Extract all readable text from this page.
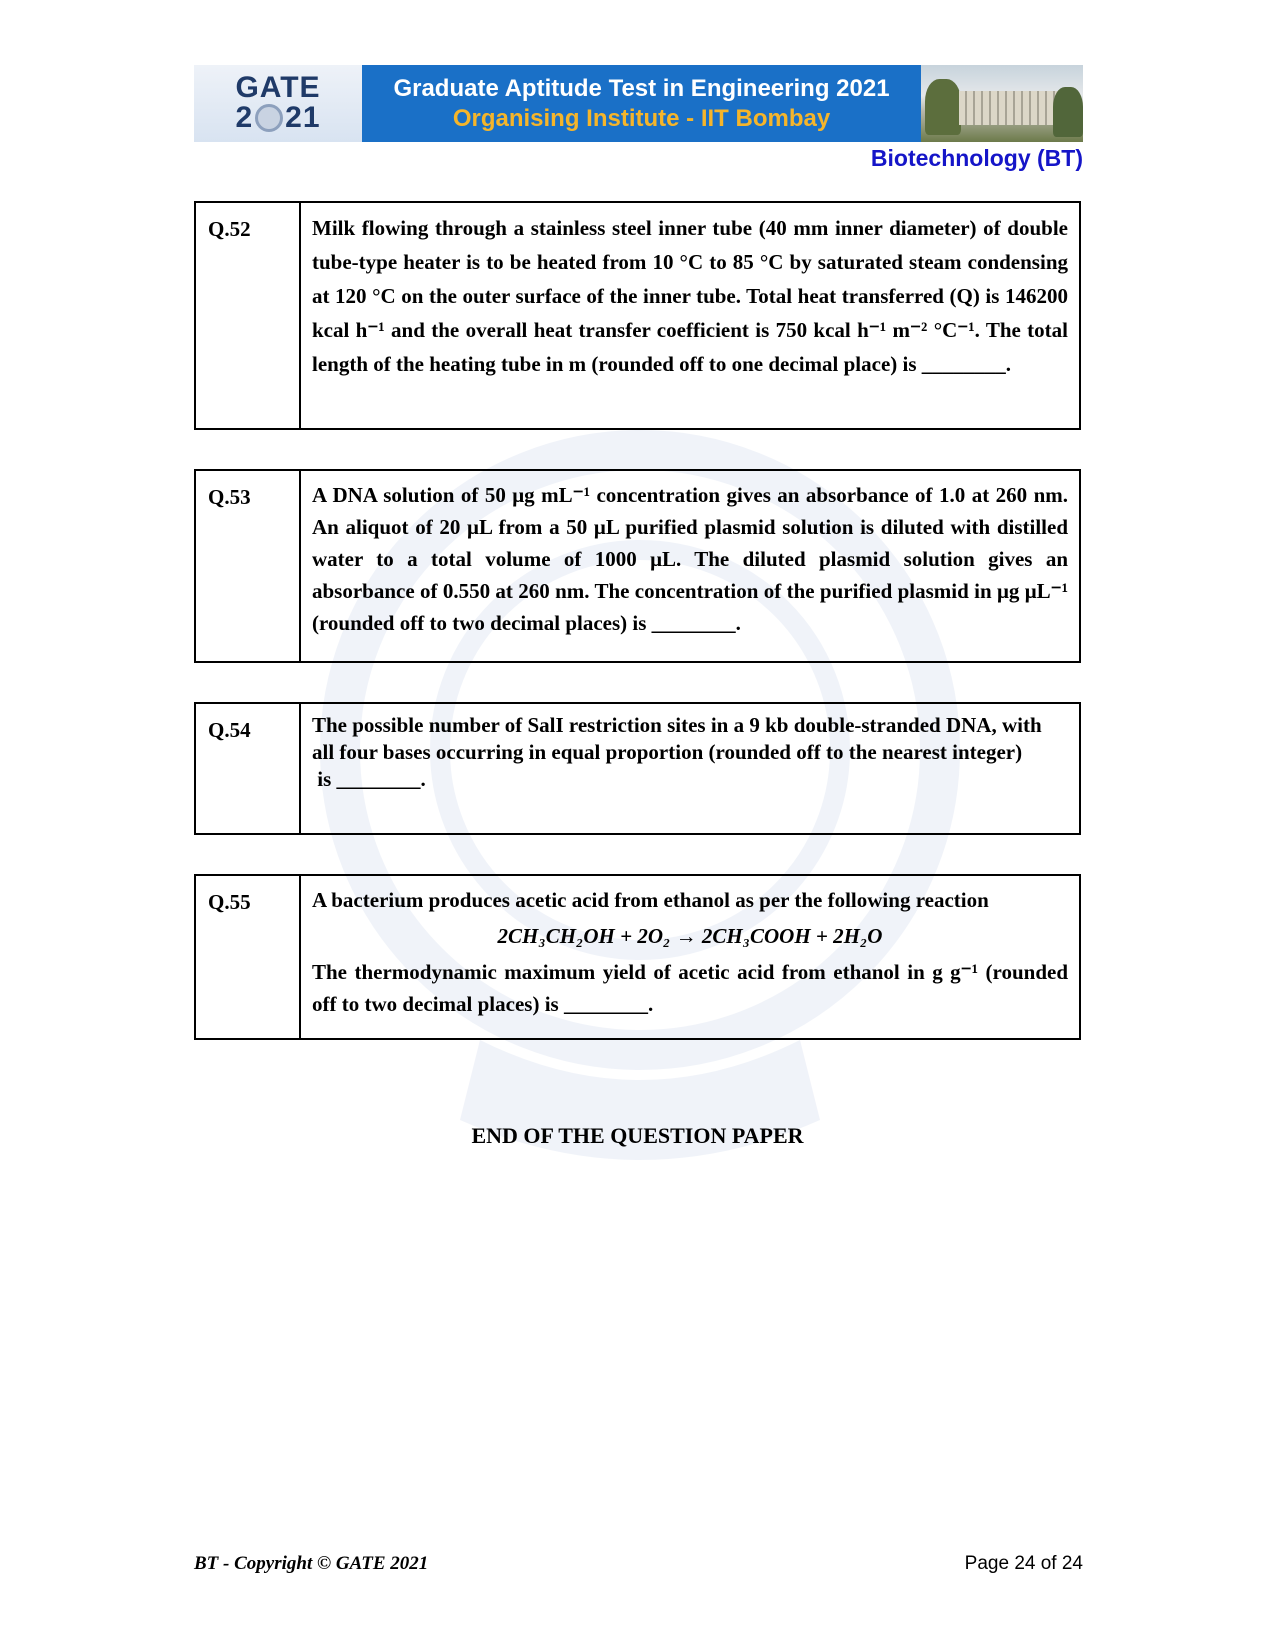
GATE
2 21
Graduate Aptitude Test in Engineering 2021
Organising Institute - IIT Bombay
Biotechnology (BT)
Q.52	Milk flowing through a stainless steel inner tube (40 mm inner diameter) of double tube-type heater is to be heated from 10 °C to 85 °C by saturated steam condensing at 120 °C on the outer surface of the inner tube. Total heat transferred (Q) is 146200 kcal h⁻¹ and the overall heat transfer coefficient is 750 kcal h⁻¹ m⁻² °C⁻¹. The total length of the heating tube in m (rounded off to one decimal place) is ________.
Q.53	A DNA solution of 50 μg mL⁻¹ concentration gives an absorbance of 1.0 at 260 nm. An aliquot of 20 μL from a 50 μL purified plasmid solution is diluted with distilled water to a total volume of 1000 μL. The diluted plasmid solution gives an absorbance of 0.550 at 260 nm. The concentration of the purified plasmid in μg μL⁻¹ (rounded off to two decimal places) is ________.
Q.54	The possible number of SalI restriction sites in a 9 kb double-stranded DNA, with all four bases occurring in equal proportion (rounded off to the nearest integer)
is ________.
Q.55	A bacterium produces acetic acid from ethanol as per the following reaction
2CH₃CH₂OH + 2O₂ → 2CH₃COOH + 2H₂O
The thermodynamic maximum yield of acetic acid from ethanol in g g⁻¹ (rounded off to two decimal places) is ________.
END OF THE QUESTION PAPER
BT - Copyright © GATE 2021	Page 24 of 24
